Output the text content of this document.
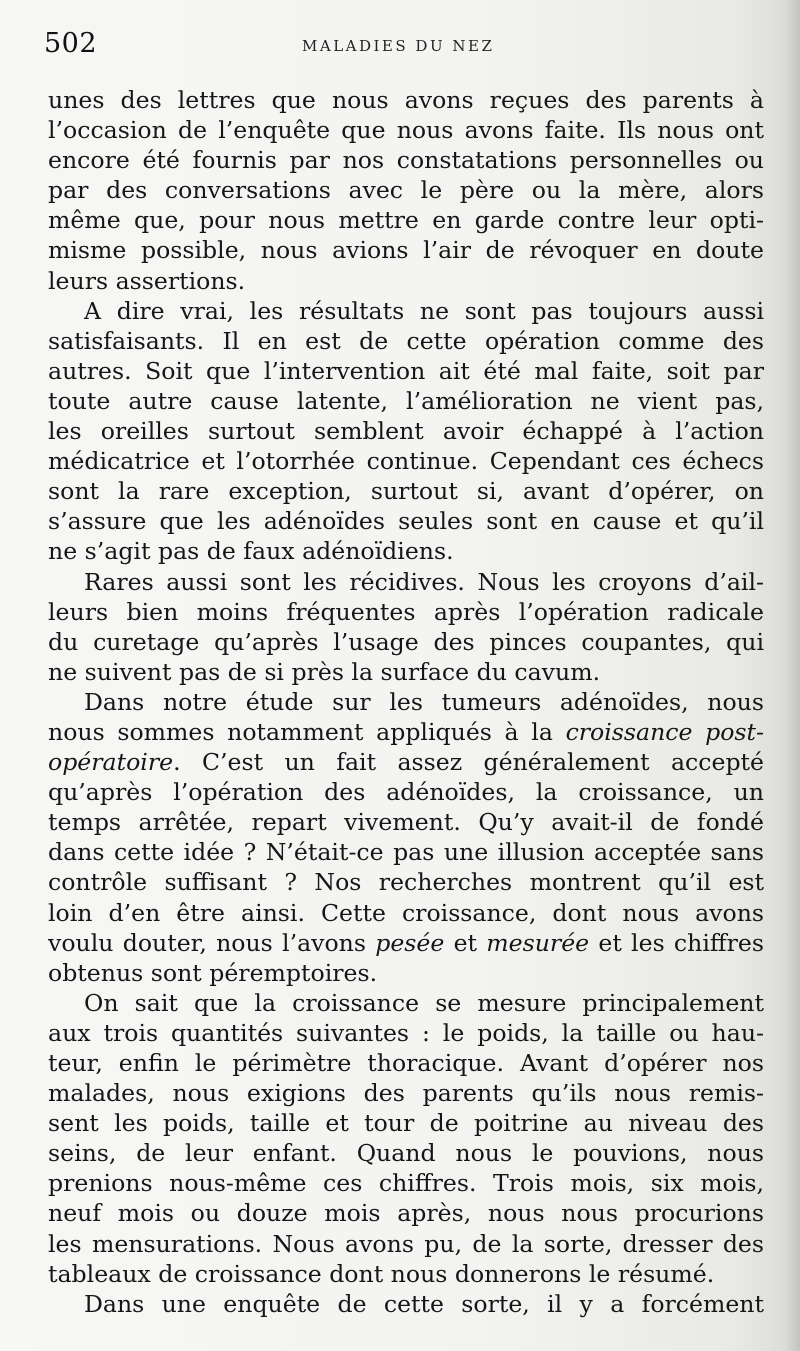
502	MALADIES DU NEZ
unes des lettres que nous avons reçues des parents à
l’occasion de l’enquête que nous avons faite. Ils nous ont
encore été fournis par nos constatations personnelles ou
par des conversations avec le père ou la mère, alors
même que, pour nous mettre en garde contre leur opti-
misme possible, nous avions l’air de révoquer en doute
leurs assertions.
A dire vrai, les résultats ne sont pas toujours aussi
satisfaisants. Il en est de cette opération comme des
autres. Soit que l’intervention ait été mal faite, soit par
toute autre cause latente, l’amélioration ne vient pas,
les oreilles surtout semblent avoir échappé à l’action
médicatrice et l’otorrhée continue. Cependant ces échecs
sont la rare exception, surtout si, avant d’opérer, on
s’assure que les adénoïdes seules sont en cause et qu’il
ne s’agit pas de faux adénoïdiens.
Rares aussi sont les récidives. Nous les croyons d’ail-
leurs bien moins fréquentes après l’opération radicale
du curetage qu’après l’usage des pinces coupantes, qui
ne suivent pas de si près la surface du cavum.
Dans notre étude sur les tumeurs adénoïdes, nous
nous sommes notamment appliqués à la croissance post-
opératoire. C’est un fait assez généralement accepté
qu’après l’opération des adénoïdes, la croissance, un
temps arrêtée, repart vivement. Qu’y avait-il de fondé
dans cette idée ? N’était-ce pas une illusion acceptée sans
contrôle suffisant ? Nos recherches montrent qu’il est
loin d’en être ainsi. Cette croissance, dont nous avons
voulu douter, nous l’avons pesée et mesurée et les chiffres
obtenus sont péremptoires.
On sait que la croissance se mesure principalement
aux trois quantités suivantes : le poids, la taille ou hau-
teur, enfin le périmètre thoracique. Avant d’opérer nos
malades, nous exigions des parents qu’ils nous remis-
sent les poids, taille et tour de poitrine au niveau des
seins, de leur enfant. Quand nous le pouvions, nous
prenions nous-même ces chiffres. Trois mois, six mois,
neuf mois ou douze mois après, nous nous procurions
les mensurations. Nous avons pu, de la sorte, dresser des
tableaux de croissance dont nous donnerons le résumé.
Dans une enquête de cette sorte, il y a forcément
